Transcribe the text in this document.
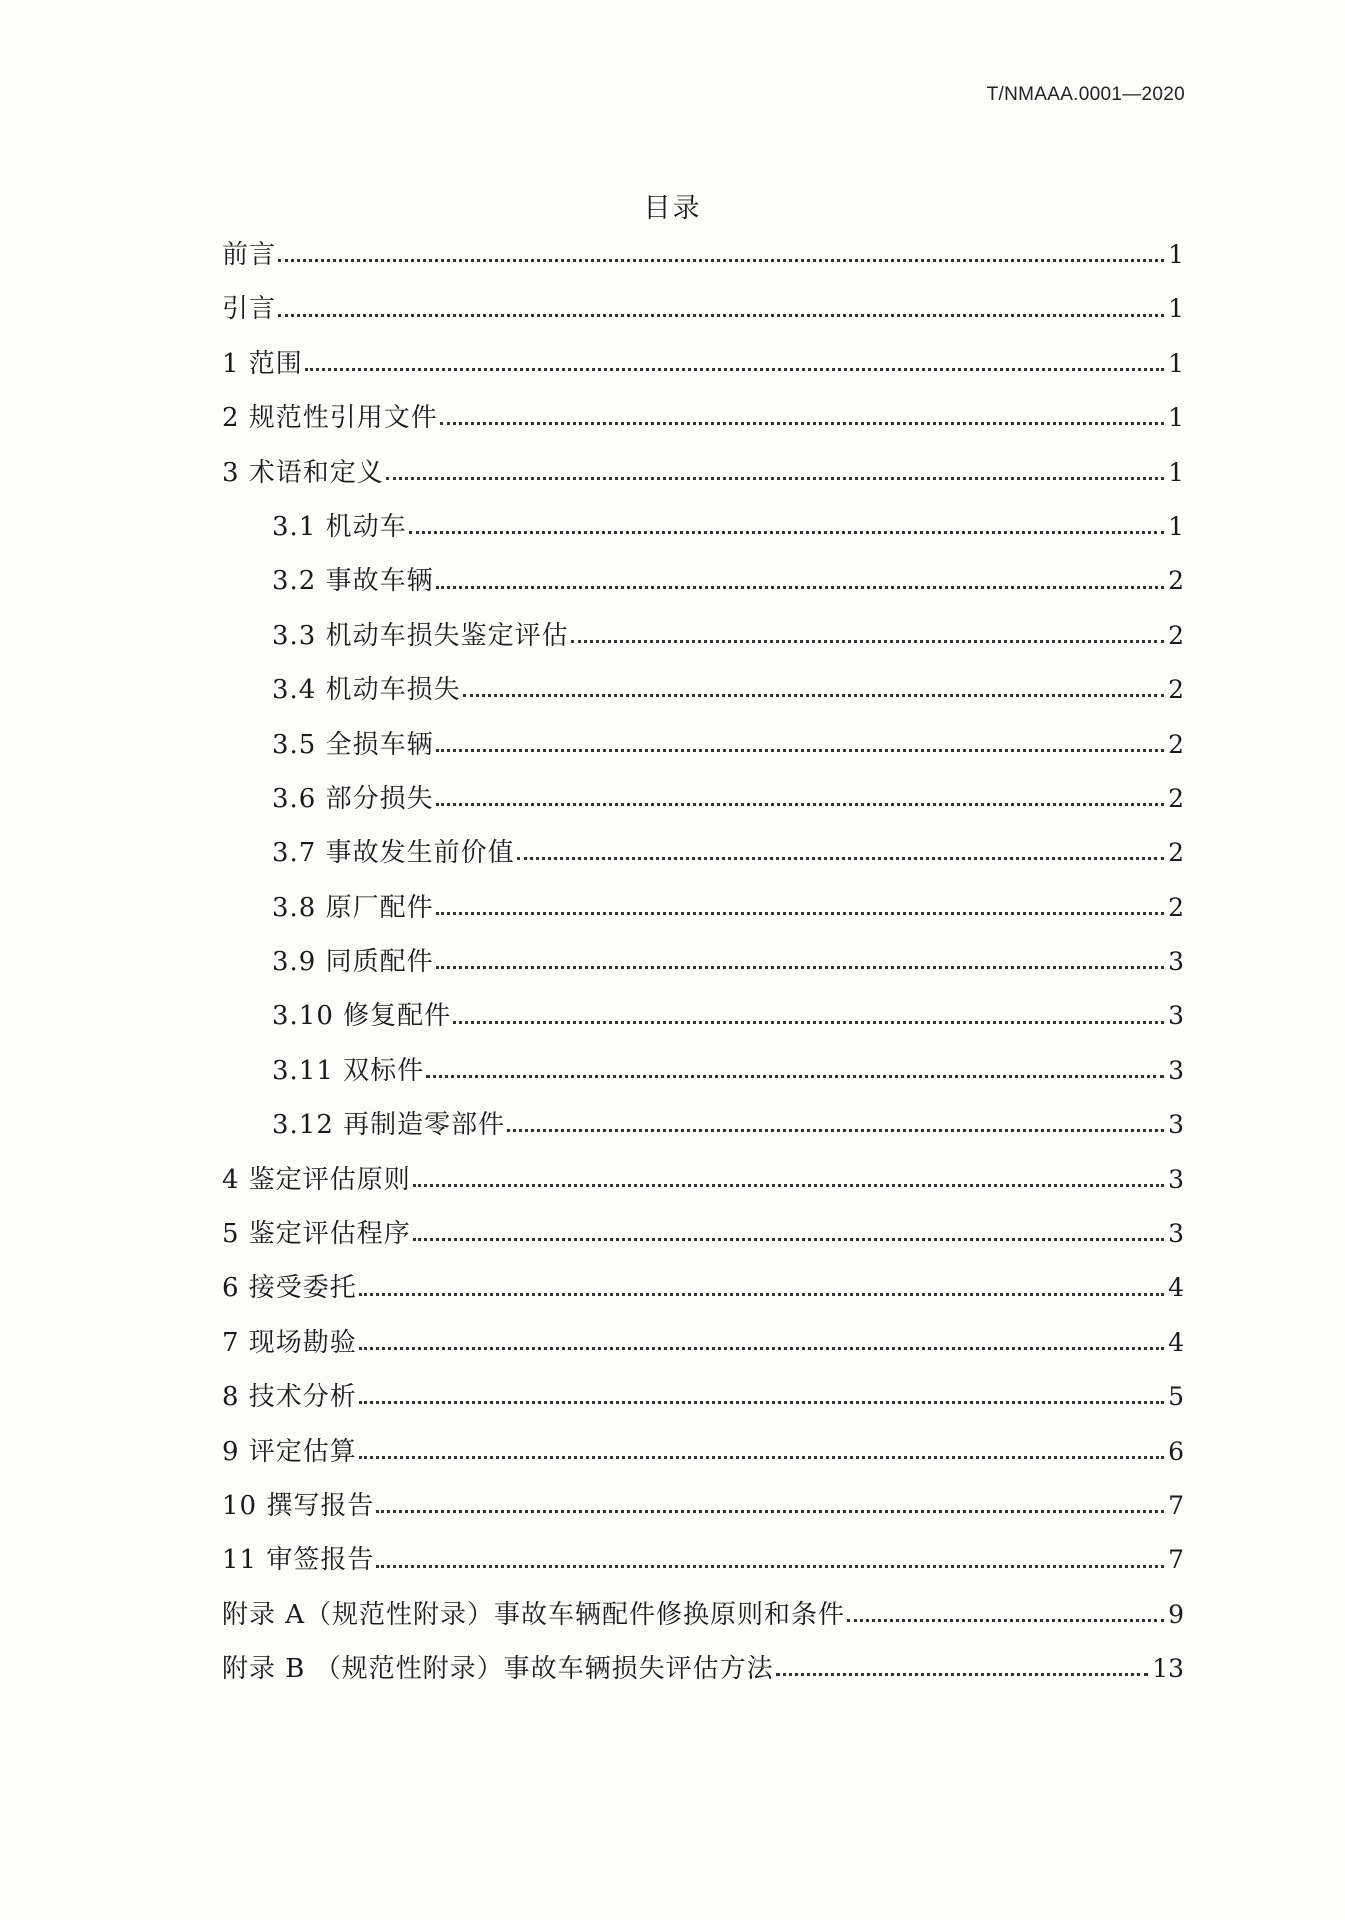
T/NMAAA.0001—2020
目录
前言	1
引言	1
1 范围	1
2 规范性引用文件	1
3 术语和定义	1
3.1 机动车	1
3.2 事故车辆	2
3.3 机动车损失鉴定评估	2
3.4 机动车损失	2
3.5 全损车辆	2
3.6 部分损失	2
3.7 事故发生前价值	2
3.8 原厂配件	2
3.9 同质配件	3
3.10 修复配件	3
3.11 双标件	3
3.12 再制造零部件	3
4 鉴定评估原则	3
5 鉴定评估程序	3
6 接受委托	4
7 现场勘验	4
8 技术分析	5
9 评定估算	6
10 撰写报告	7
11 审签报告	7
附录 A（规范性附录）事故车辆配件修换原则和条件	9
附录 B （规范性附录）事故车辆损失评估方法	13
